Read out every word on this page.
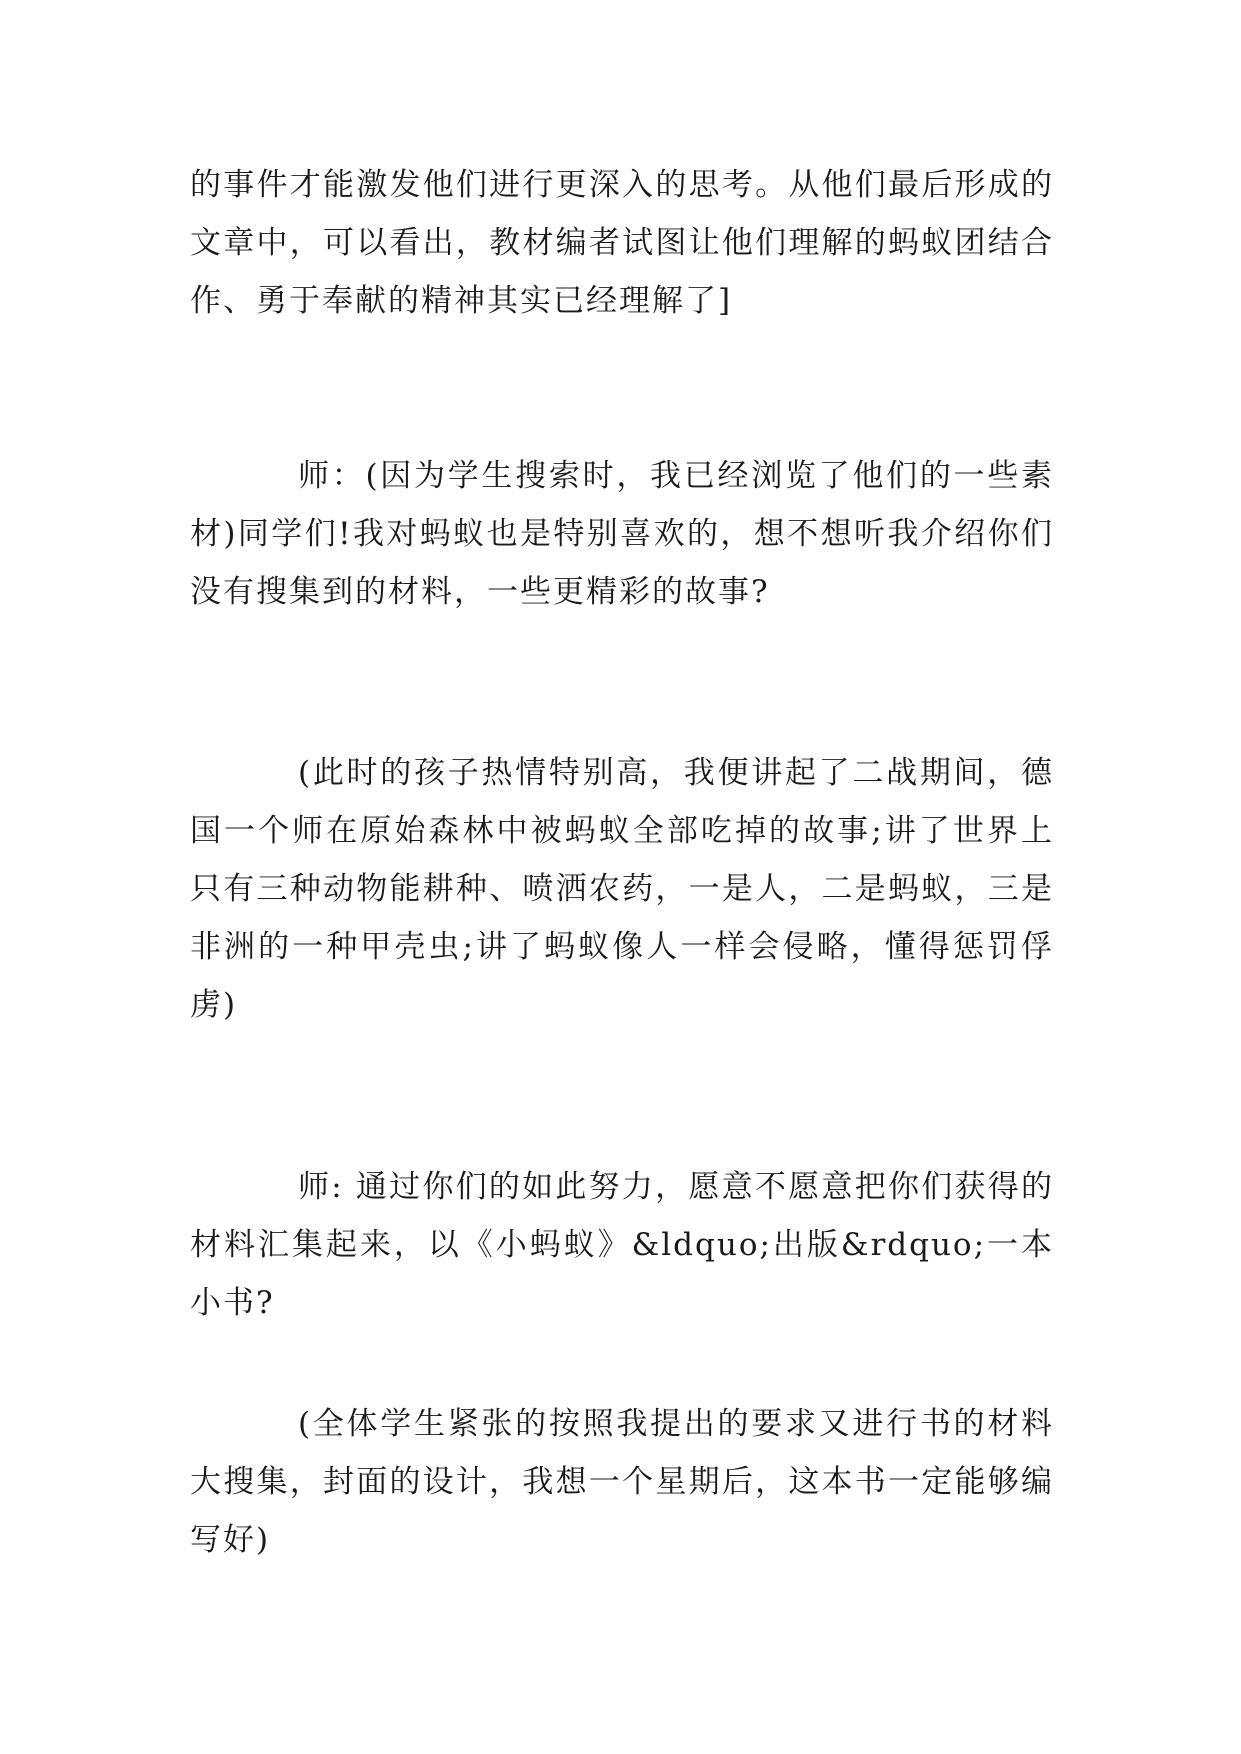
的事件才能激发他们进行更深入的思考。从他们最后形成的文章中，可以看出，教材编者试图让他们理解的蚂蚁团结合作、勇于奉献的精神其实已经理解了]

师：(因为学生搜索时，我已经浏览了他们的一些素材)同学们!我对蚂蚁也是特别喜欢的，想不想听我介绍你们没有搜集到的材料，一些更精彩的故事?

(此时的孩子热情特别高，我便讲起了二战期间，德国一个师在原始森林中被蚂蚁全部吃掉的故事;讲了世界上只有三种动物能耕种、喷洒农药，一是人，二是蚂蚁，三是非洲的一种甲壳虫;讲了蚂蚁像人一样会侵略，懂得惩罚俘虏)

师: 通过你们的如此努力，愿意不愿意把你们获得的材料汇集起来，以《小蚂蚁》&ldquo;出版&rdquo;一本小书?

(全体学生紧张的按照我提出的要求又进行书的材料大搜集，封面的设计，我想一个星期后，这本书一定能够编写好)
